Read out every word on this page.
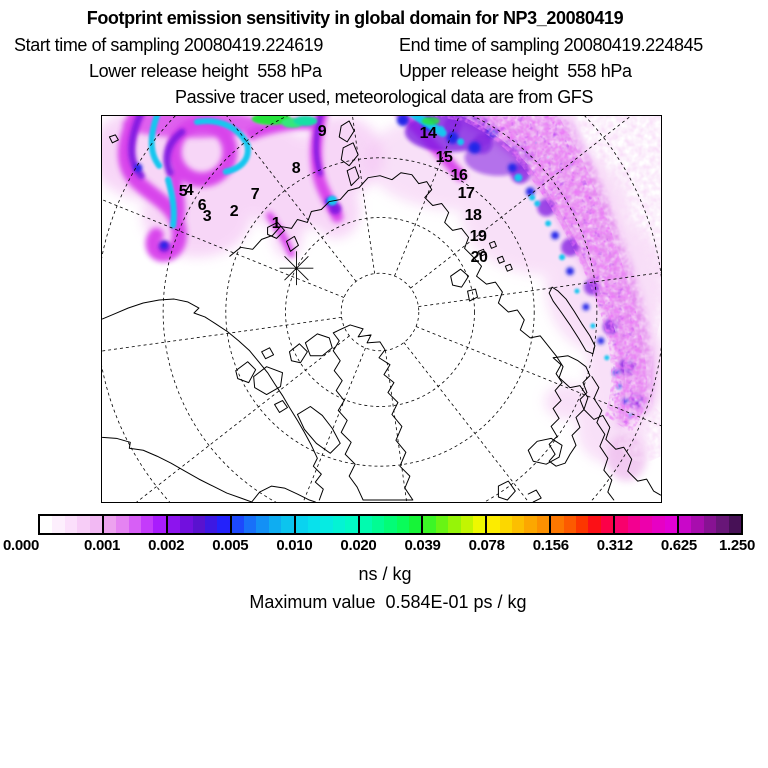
Footprint emission sensitivity in global domain for NP3_20080419
Start time of sampling 20080419.224619	End time of sampling 20080419.224845
Lower release height  558 hPa	Upper release height  558 hPa
Passive tracer used, meteorological data are from GFS
1
2
3
4
5
6
7
8
9	14
15
16
17
18
19
20
0.000	0.001 0.002 0.005 0.010 0.020 0.039 0.078 0.156 0.312 0.625 1.250
ns / kg
Maximum value  0.584E-01 ps / kg
